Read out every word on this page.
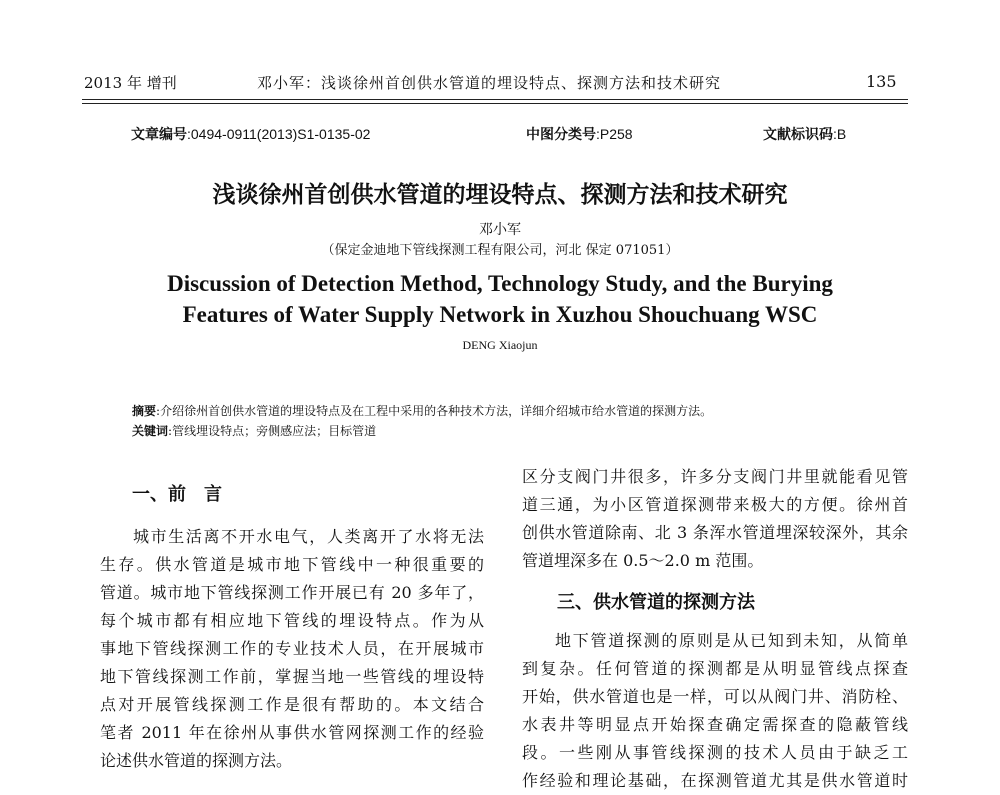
2013 年 增刊	邓小军：浅谈徐州首创供水管道的埋设特点、探测方法和技术研究	135
文章编号:0494-0911(2013)S1-0135-02	中图分类号:P258	文献标识码:B
浅谈徐州首创供水管道的埋设特点、探测方法和技术研究
邓小军
（保定金迪地下管线探测工程有限公司，河北 保定 071051）
Discussion of Detection Method, Technology Study, and the Burying
Features of Water Supply Network in Xuzhou Shouchuang WSC
DENG Xiaojun
摘要:介绍徐州首创供水管道的埋设特点及在工程中采用的各种技术方法，详细介绍城市给水管道的探测方法。
关键词:管线埋设特点；旁侧感应法；目标管道
一、前　言
城市生活离不开水电气，人类离开了水将无法
生存。供水管道是城市地下管线中一种很重要的
管道。城市地下管线探测工作开展已有 20 多年了，
每个城市都有相应地下管线的埋设特点。作为从
事地下管线探测工作的专业技术人员，在开展城市
地下管线探测工作前，掌握当地一些管线的埋设特
点对开展管线探测工作是很有帮助的。本文结合
笔者 2011 年在徐州从事供水管网探测工作的经验
论述供水管道的探测方法。
区分支阀门井很多，许多分支阀门井里就能看见管
道三通，为小区管道探测带来极大的方便。徐州首
创供水管道除南、北 3 条浑水管道埋深较深外，其余
管道埋深多在 0.5～2.0 m 范围。
三、供水管道的探测方法
地下管道探测的原则是从已知到未知，从简单
到复杂。任何管道的探测都是从明显管线点探查
开始，供水管道也是一样，可以从阀门井、消防栓、
水表井等明显点开始探查确定需探查的隐蔽管线
段。一些刚从事管线探测的技术人员由于缺乏工
作经验和理论基础，在探测管道尤其是供水管道时
